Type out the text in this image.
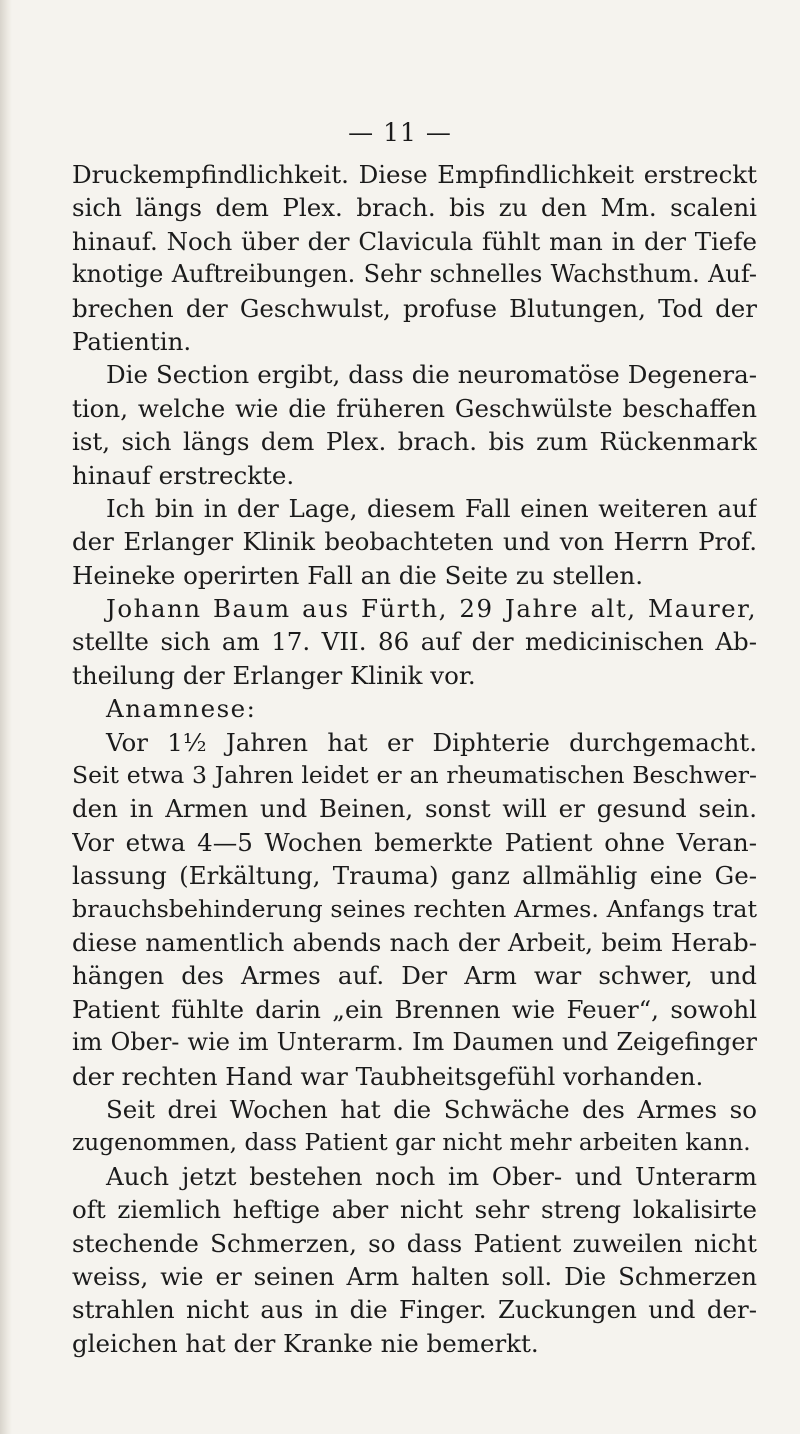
— 11 —
Druckempfindlichkeit. Diese Empfindlichkeit erstreckt
sich längs dem Plex. brach. bis zu den Mm. scaleni
hinauf. Noch über der Clavicula fühlt man in der Tiefe
knotige Auftreibungen. Sehr schnelles Wachsthum. Auf-
brechen der Geschwulst, profuse Blutungen, Tod der
Patientin.
Die Section ergibt, dass die neuromatöse Degenera-
tion, welche wie die früheren Geschwülste beschaffen
ist, sich längs dem Plex. brach. bis zum Rückenmark
hinauf erstreckte.
Ich bin in der Lage, diesem Fall einen weiteren auf
der Erlanger Klinik beobachteten und von Herrn Prof.
Heineke operirten Fall an die Seite zu stellen.
Johann Baum aus Fürth, 29 Jahre alt, Maurer,
stellte sich am 17. VII. 86 auf der medicinischen Ab-
theilung der Erlanger Klinik vor.
Anamnese:
Vor 1½ Jahren hat er Diphterie durchgemacht.
Seit etwa 3 Jahren leidet er an rheumatischen Beschwer-
den in Armen und Beinen, sonst will er gesund sein.
Vor etwa 4—5 Wochen bemerkte Patient ohne Veran-
lassung (Erkältung, Trauma) ganz allmählig eine Ge-
brauchsbehinderung seines rechten Armes. Anfangs trat
diese namentlich abends nach der Arbeit, beim Herab-
hängen des Armes auf. Der Arm war schwer, und
Patient fühlte darin „ein Brennen wie Feuer“, sowohl
im Ober- wie im Unterarm. Im Daumen und Zeigefinger
der rechten Hand war Taubheitsgefühl vorhanden.
Seit drei Wochen hat die Schwäche des Armes so
zugenommen, dass Patient gar nicht mehr arbeiten kann.
Auch jetzt bestehen noch im Ober- und Unterarm
oft ziemlich heftige aber nicht sehr streng lokalisirte
stechende Schmerzen, so dass Patient zuweilen nicht
weiss, wie er seinen Arm halten soll. Die Schmerzen
strahlen nicht aus in die Finger. Zuckungen und der-
gleichen hat der Kranke nie bemerkt.
